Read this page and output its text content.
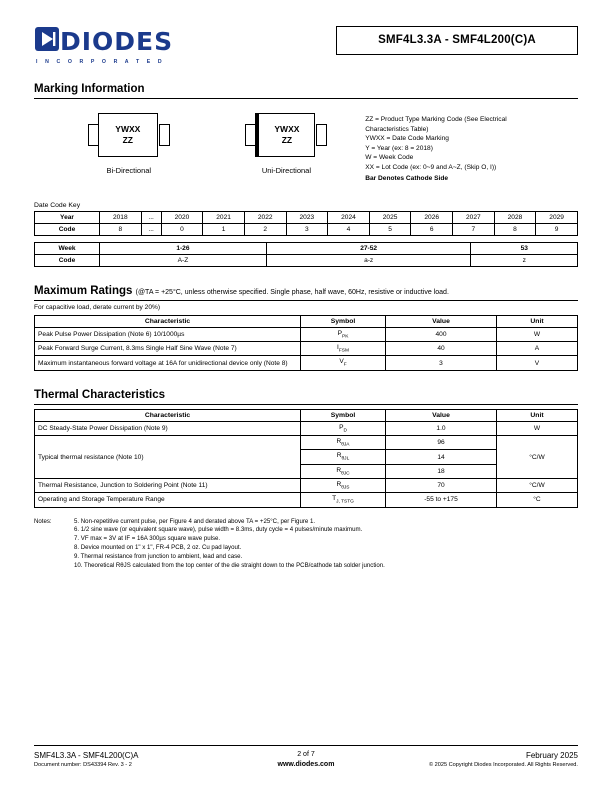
DIODES
I N C O R P O R A T E D
SMF4L3.3A - SMF4L200(C)A
Marking Information
YWXX
ZZ
Bi-Directional
YWXX
ZZ
Uni-Directional
ZZ = Product Type Marking Code (See Electrical
Characteristics Table)
YWXX = Date Code Marking
Y = Year (ex: 8 = 2018)
W = Week Code
XX = Lot Code (ex: 0~9 and A~Z, (Skip O, I))
Bar Denotes Cathode Side
Date Code Key
Year	2018	...	2020	2021	2022	2023	2024	2025	2026	2027	2028	2029
Code	8	...	0	1	2	3	4	5	6	7	8	9
Week	1-26	27-52	53
Code	A-Z	a-z	z
Maximum Ratings (@TA = +25°C, unless otherwise specified. Single phase, half wave, 60Hz, resistive or inductive load.
For capacitive load, derate current by 20%)
Characteristic	Symbol	Value	Unit
Peak Pulse Power Dissipation (Note 6) 10/1000µs	$P_{PK}$	400	W
Peak Forward Surge Current, 8.3ms Single Half Sine Wave (Note 7)	$I_{FSM}$	40	A
Maximum instantaneous forward voltage at 16A for unidirectional device only (Note 8)	$V_F$	3	V
Thermal Characteristics
Characteristic	Symbol	Value	Unit
DC Steady-State Power Dissipation (Note 9)	$P_D$	1.0	W
Typical thermal resistance (Note 10)	$R_{\theta JA}$	96	°C/W
	$R_{\theta JL}$	14	
	$R_{\theta JC}$	18	
Thermal Resistance, Junction to Soldering Point (Note 11)	$R_{\theta JS}$	70	°C/W
Operating and Storage Temperature Range	$T_{J, TSTG}$	-55 to +175	°C
Notes:	5. Non-repetitive current pulse, per Figure 4 and derated above TA = +25°C, per Figure 1.
6. 1/2 sine wave (or equivalent square wave), pulse width = 8.3ms, duty cycle = 4 pulses/minute maximum.
7. VF max = 3V at IF = 16A 300µs square wave pulse.
8. Device mounted on 1" x 1", FR-4 PCB, 2 oz. Cu pad layout.
9. Thermal resistance from junction to ambient, lead and case.
10. Theoretical RθJS calculated from the top center of the die straight down to the PCB/cathode tab solder junction.
SMF4L3.3A - SMF4L200(C)A
Document number: DS43394 Rev. 3 - 2
2 of 7
www.diodes.com
February 2025
© 2025 Copyright Diodes Incorporated. All Rights Reserved.
